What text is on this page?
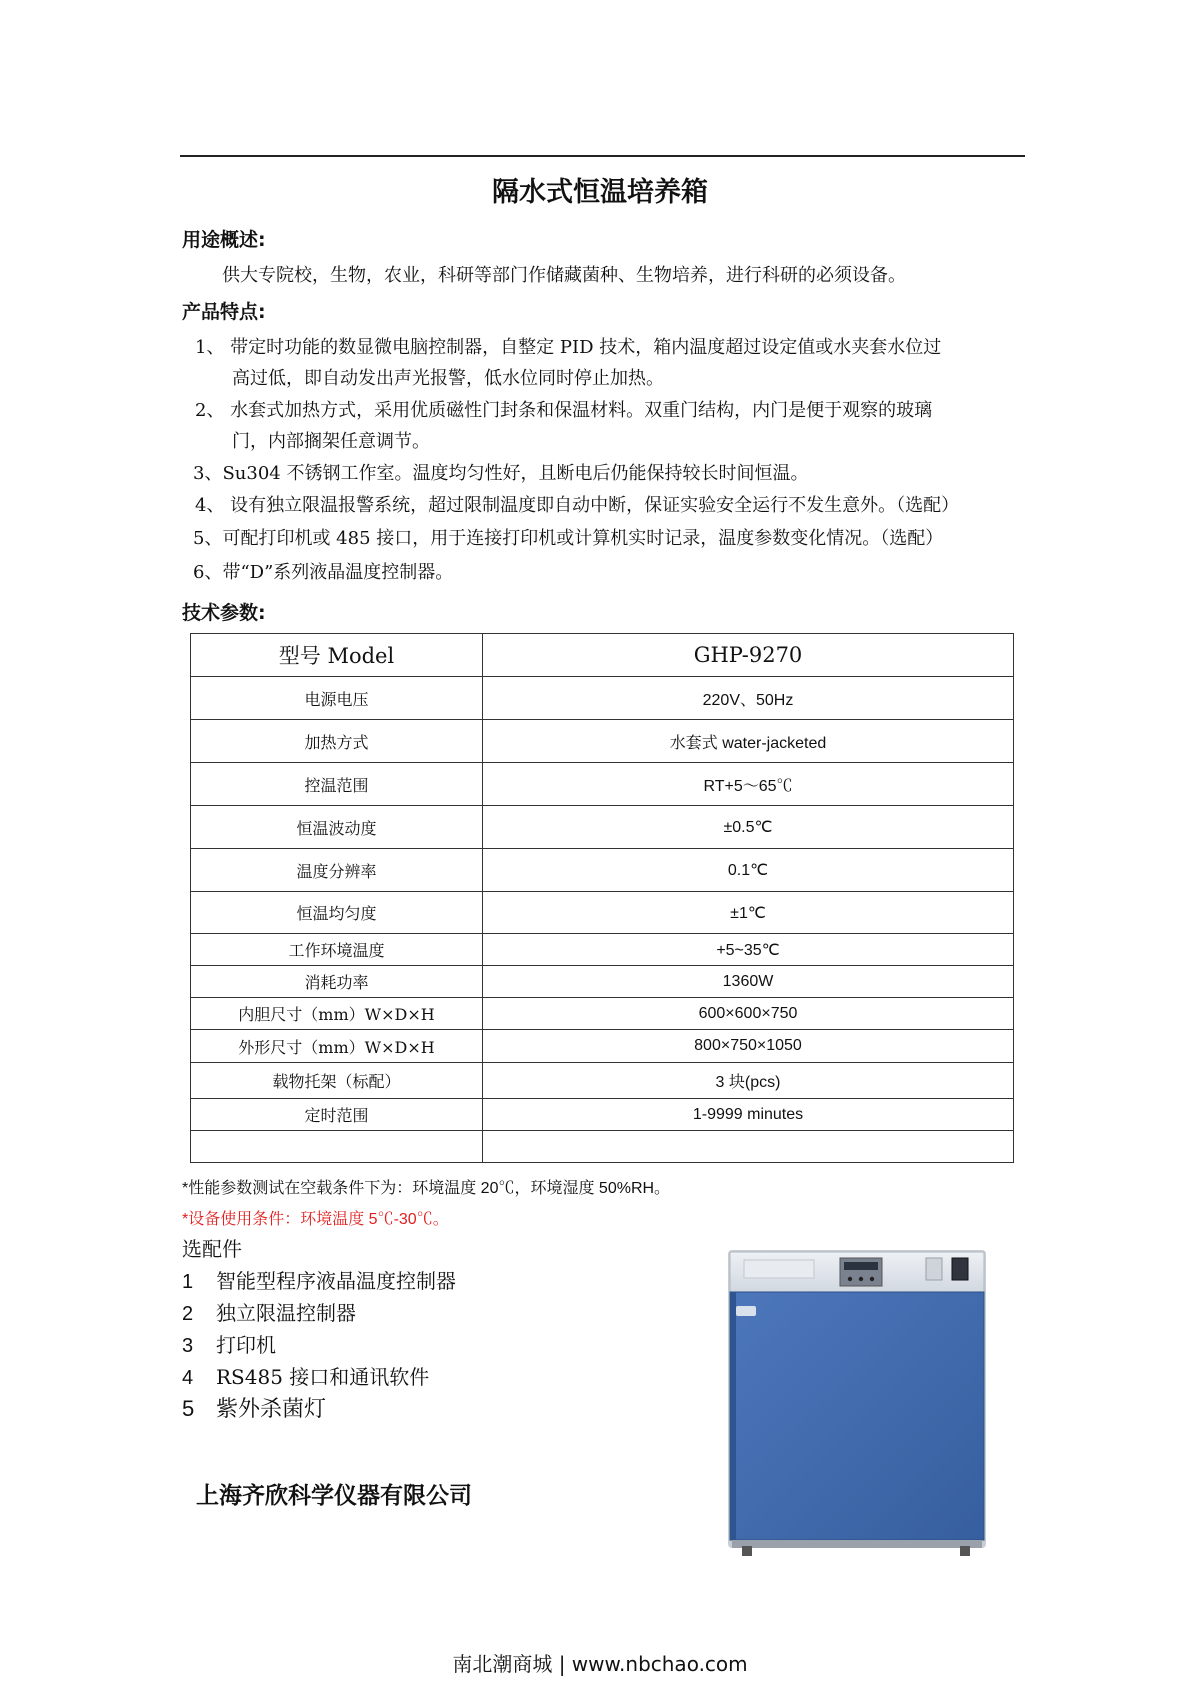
隔水式恒温培养箱
用途概述:
供大专院校，生物，农业，科研等部门作储藏菌种、生物培养，进行科研的必须设备。
产品特点:
1、 带定时功能的数显微电脑控制器，自整定 PID 技术，箱内温度超过设定值或水夹套水位过
高过低，即自动发出声光报警，低水位同时停止加热。
2、 水套式加热方式，采用优质磁性门封条和保温材料。双重门结构，内门是便于观察的玻璃
门，内部搁架任意调节。
3、Su304 不锈钢工作室。温度均匀性好，且断电后仍能保持较长时间恒温。
4、 设有独立限温报警系统，超过限制温度即自动中断，保证实验安全运行不发生意外。（选配）
5、可配打印机或 485 接口，用于连接打印机或计算机实时记录，温度参数变化情况。（选配）
6、带“D”系列液晶温度控制器。
技术参数:
型号 Model	GHP-9270
电源电压	220V、50Hz
加热方式	水套式 water-jacketed
控温范围	RT+5～65℃
恒温波动度	±0.5℃
温度分辨率	0.1℃
恒温均匀度	±1℃
工作环境温度	+5~35℃
消耗功率	1360W
内胆尺寸（mm）W×D×H	600×600×750
外形尺寸（mm）W×D×H	800×750×1050
载物托架（标配）	3 块(pcs)
定时范围	1-9999 minutes

*性能参数测试在空载条件下为：环境温度 20℃，环境湿度 50%RH。
*设备使用条件：环境温度 5℃-30℃。
选配件
1 智能型程序液晶温度控制器
2 独立限温控制器
3 打印机
4 RS485 接口和通讯软件
5 紫外杀菌灯
上海齐欣科学仪器有限公司
南北潮商城 | www.nbchao.com
